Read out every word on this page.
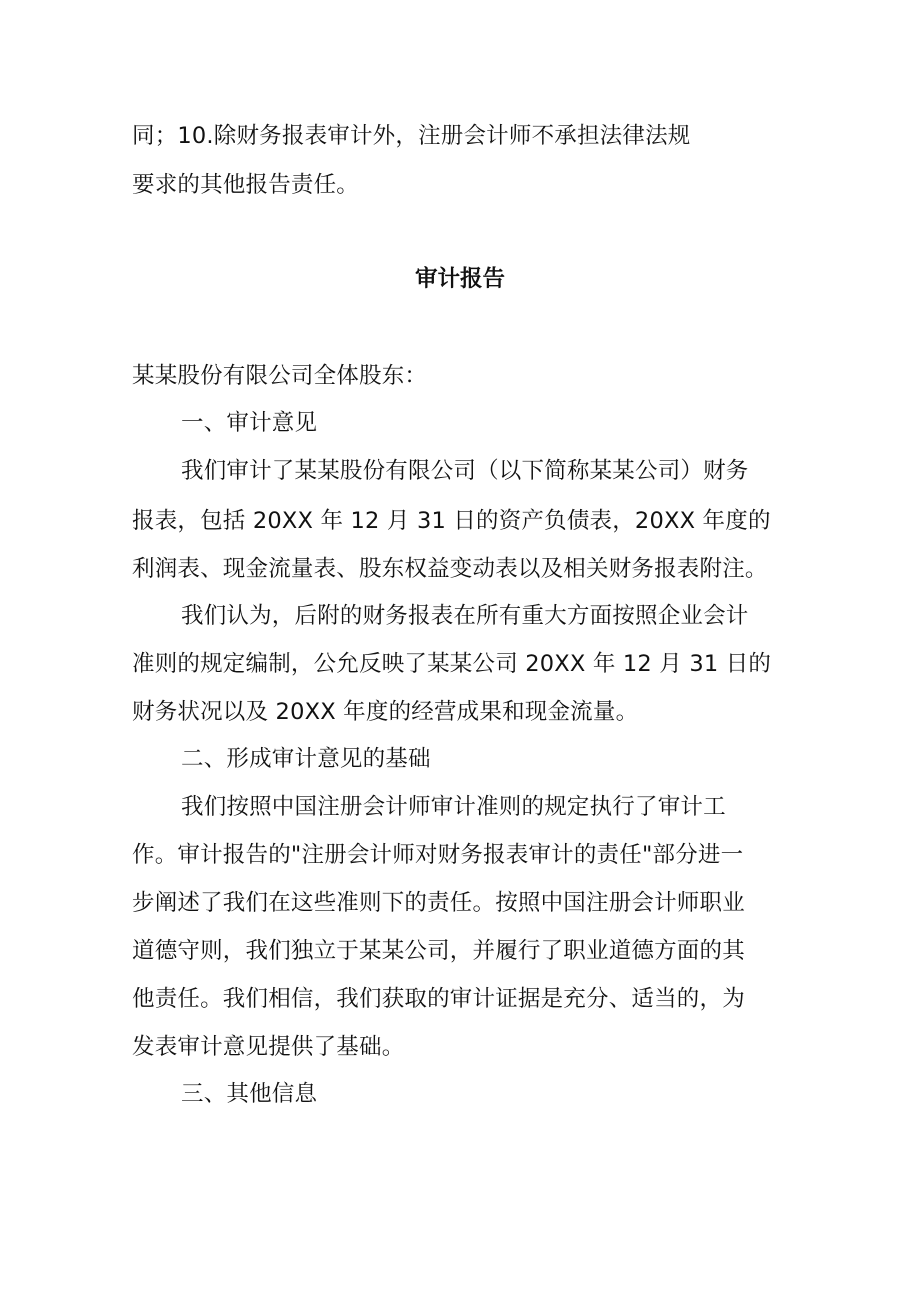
同；10.除财务报表审计外，注册会计师不承担法律法规
要求的其他报告责任。
审计报告
某某股份有限公司全体股东：
一、审计意见
我们审计了某某股份有限公司（以下简称某某公司）财务
报表，包括 20XX 年 12 月 31 日的资产负债表，20XX 年度的
利润表、现金流量表、股东权益变动表以及相关财务报表附注。
我们认为，后附的财务报表在所有重大方面按照企业会计
准则的规定编制，公允反映了某某公司 20XX 年 12 月 31 日的
财务状况以及 20XX 年度的经营成果和现金流量。
二、形成审计意见的基础
我们按照中国注册会计师审计准则的规定执行了审计工
作。审计报告的"注册会计师对财务报表审计的责任"部分进一
步阐述了我们在这些准则下的责任。按照中国注册会计师职业
道德守则，我们独立于某某公司，并履行了职业道德方面的其
他责任。我们相信，我们获取的审计证据是充分、适当的，为
发表审计意见提供了基础。
三、其他信息
